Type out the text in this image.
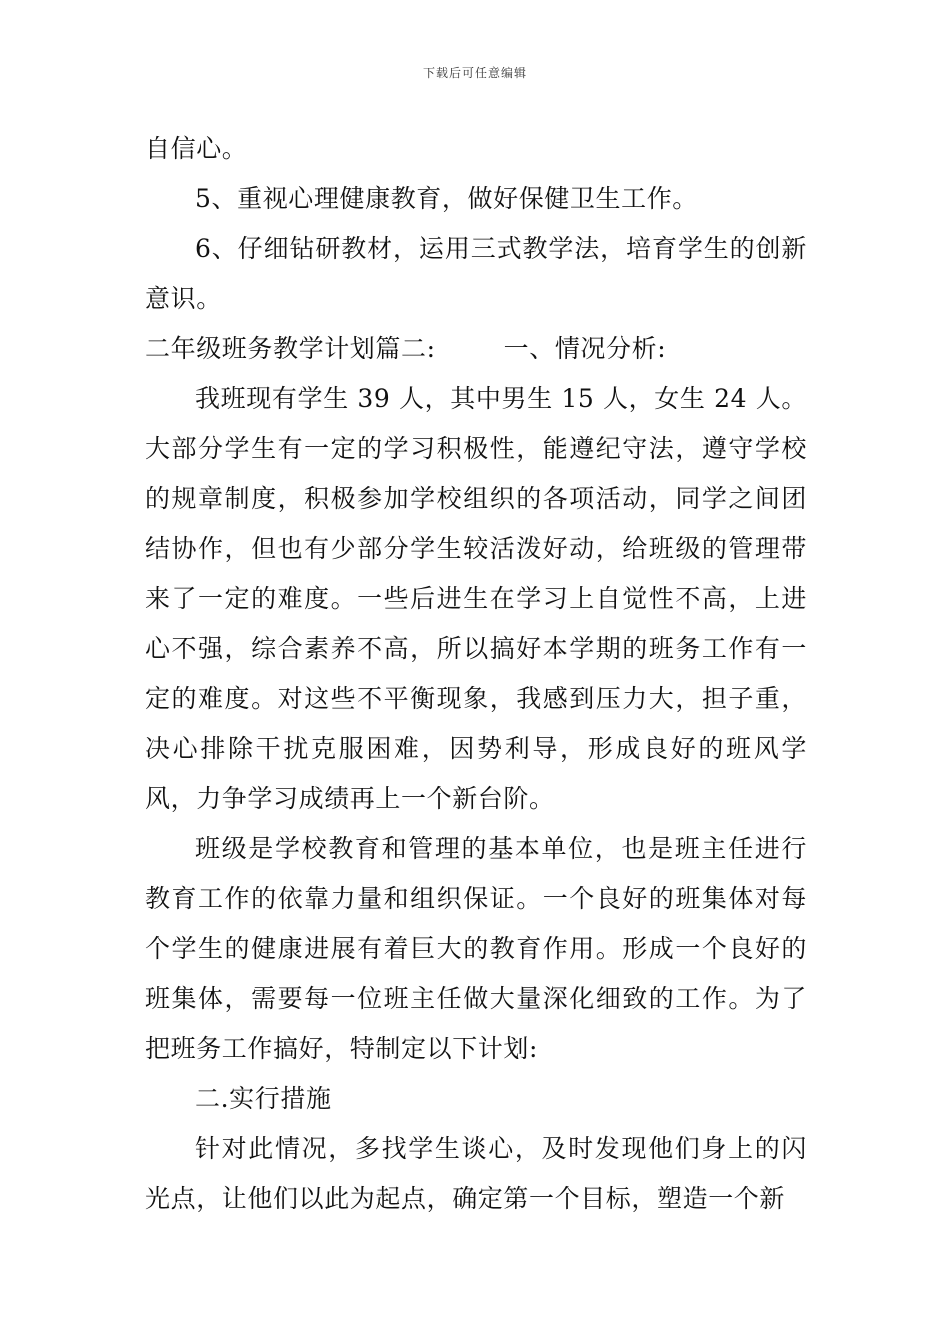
下载后可任意编辑

自信心。

5、重视心理健康教育，做好保健卫生工作。

6、仔细钻研教材，运用三式教学法，培育学生的创新意识。

二年级班务教学计划篇二:	一、情况分析:

我班现有学生 39 人，其中男生 15 人，女生 24 人。大部分学生有一定的学习积极性，能遵纪守法，遵守学校的规章制度，积极参加学校组织的各项活动，同学之间团结协作，但也有少部分学生较活泼好动，给班级的管理带来了一定的难度。一些后进生在学习上自觉性不高，上进心不强，综合素养不高，所以搞好本学期的班务工作有一定的难度。对这些不平衡现象，我感到压力大，担子重，决心排除干扰克服困难，因势利导，形成良好的班风学风，力争学习成绩再上一个新台阶。

班级是学校教育和管理的基本单位，也是班主任进行教育工作的依靠力量和组织保证。一个良好的班集体对每个学生的健康进展有着巨大的教育作用。形成一个良好的班集体，需要每一位班主任做大量深化细致的工作。为了把班务工作搞好，特制定以下计划:

二.实行措施

针对此情况，多找学生谈心，及时发现他们身上的闪光点，让他们以此为起点，确定第一个目标，塑造一个新
